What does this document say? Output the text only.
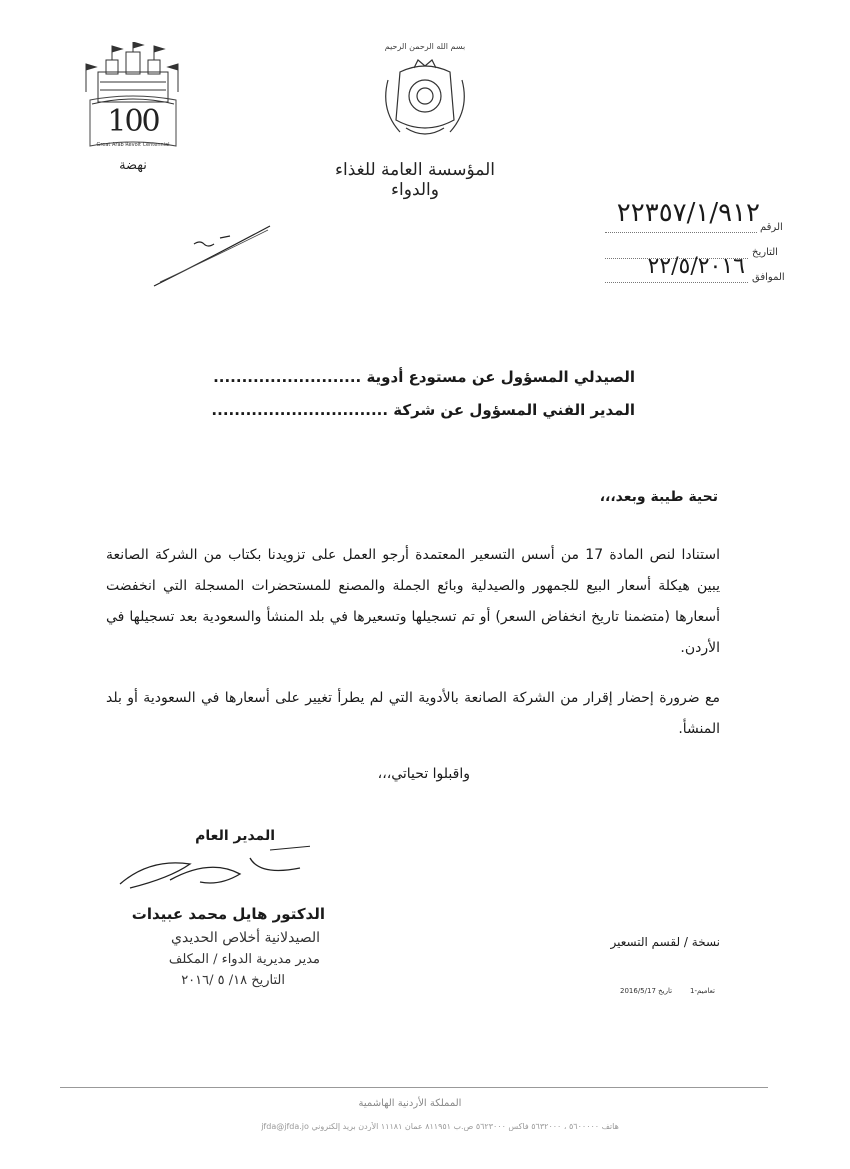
100
Great Arab Revolt Centennial
نهضة
بسم الله الرحمن الرحيم
المؤسسة العامة للغذاء والدواء
الرقم
٢٢٣٥٧/١/٩١٢
التاريخ
الموافق
٢٢/٥/٢٠١٦
الصيدلي المسؤول عن مستودع أدوية ..........................
المدير الفني المسؤول عن شركة ...............................
تحية طيبة وبعد،،،
استنادا لنص المادة 17 من أسس التسعير المعتمدة أرجو العمل على تزويدنا بكتاب من الشركة الصانعة يبين هيكلة أسعار البيع للجمهور والصيدلية وبائع الجملة والمصنع للمستحضرات المسجلة التي انخفضت أسعارها (متضمنا تاريخ انخفاض السعر) أو تم تسجيلها وتسعيرها في بلد المنشأ والسعودية بعد تسجيلها في الأردن.
مع ضرورة إحضار إقرار من الشركة الصانعة بالأدوية التي لم يطرأ تغيير على أسعارها في السعودية أو بلد المنشأ.
واقبلوا تحياتي،،،
المدير العام
الدكتور هايل محمد عبيدات
الصيدلانية أخلاص الحديدي
مدير مديرية الدواء / المكلف
التاريخ ١٨/ ٥ /٢٠١٦
نسخة / لقسم التسعير
1-تعاميم
تاريخ 2016/5/17
المملكة الأردنية الهاشمية
هاتف ٥٦٠٠٠٠٠ ، ٥٦٣٢٠٠٠ فاكس ٥٦٢٣٠٠٠ ص.ب ٨١١٩٥١ عمان ١١١٨١ الأردن بريد إلكتروني jfda@jfda.jo
